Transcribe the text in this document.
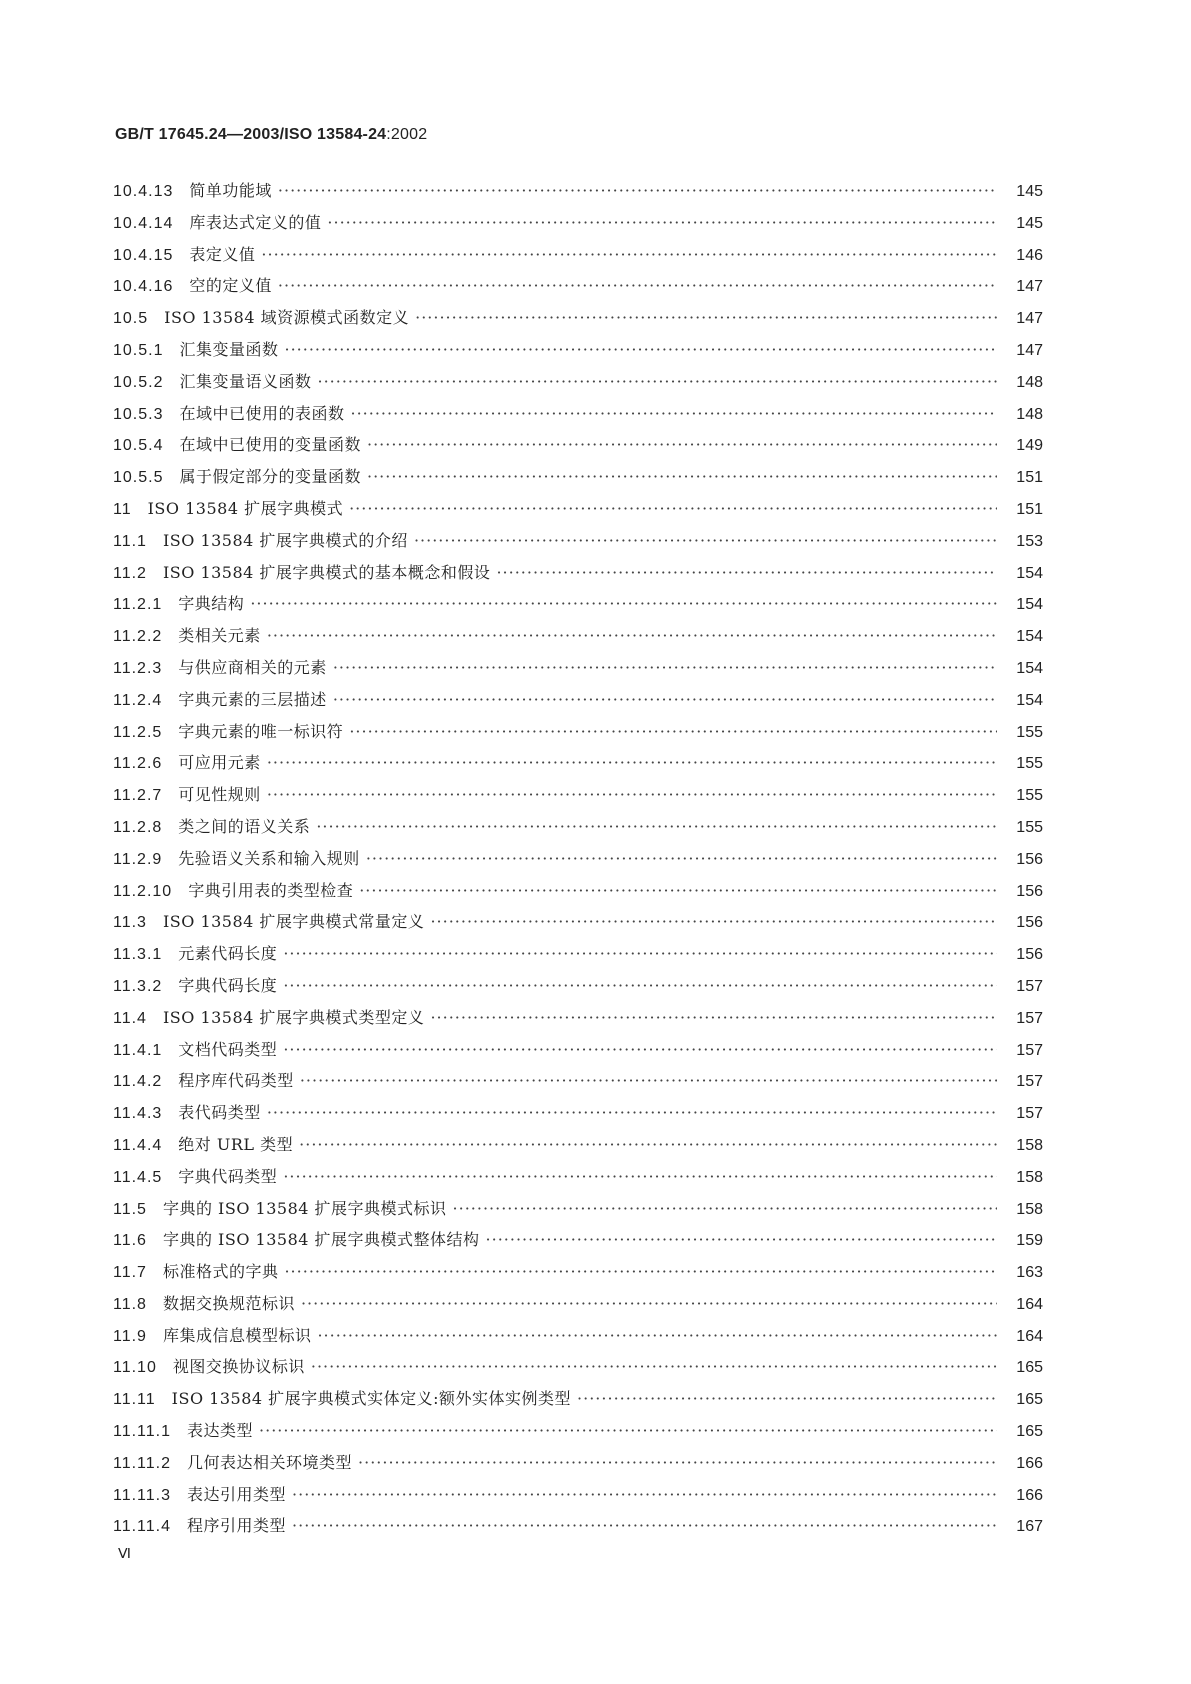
GB/T 17645.24—2003/ISO 13584-24:2002
10.4.13	简单功能域 ·····	145
10.4.14	库表达式定义的值 ·····	145
10.4.15	表定义值 ·····	146
10.4.16	空的定义值 ·····	147
10.5	ISO 13584 域资源模式函数定义 ·····	147
10.5.1	汇集变量函数 ·····	147
10.5.2	汇集变量语义函数 ·····	148
10.5.3	在域中已使用的表函数 ·····	148
10.5.4	在域中已使用的变量函数 ·····	149
10.5.5	属于假定部分的变量函数 ·····	151
11	ISO 13584 扩展字典模式 ·····	151
11.1	ISO 13584 扩展字典模式的介绍 ·····	153
11.2	ISO 13584 扩展字典模式的基本概念和假设 ·····	154
11.2.1	字典结构 ·····	154
11.2.2	类相关元素 ·····	154
11.2.3	与供应商相关的元素 ·····	154
11.2.4	字典元素的三层描述 ·····	154
11.2.5	字典元素的唯一标识符 ·····	155
11.2.6	可应用元素 ·····	155
11.2.7	可见性规则 ·····	155
11.2.8	类之间的语义关系 ·····	155
11.2.9	先验语义关系和输入规则 ·····	156
11.2.10	字典引用表的类型检查 ·····	156
11.3	ISO 13584 扩展字典模式常量定义 ·····	156
11.3.1	元素代码长度 ·····	156
11.3.2	字典代码长度 ·····	157
11.4	ISO 13584 扩展字典模式类型定义 ·····	157
11.4.1	文档代码类型 ·····	157
11.4.2	程序库代码类型 ·····	157
11.4.3	表代码类型 ·····	157
11.4.4	绝对 URL 类型 ·····	158
11.4.5	字典代码类型 ·····	158
11.5	字典的 ISO 13584 扩展字典模式标识 ·····	158
11.6	字典的 ISO 13584 扩展字典模式整体结构 ·····	159
11.7	标准格式的字典 ·····	163
11.8	数据交换规范标识 ·····	164
11.9	库集成信息模型标识 ·····	164
11.10	视图交换协议标识 ·····	165
11.11	ISO 13584 扩展字典模式实体定义:额外实体实例类型 ·····	165
11.11.1	表达类型 ·····	165
11.11.2	几何表达相关环境类型 ·····	166
11.11.3	表达引用类型 ·····	166
11.11.4	程序引用类型 ·····	167
Ⅵ
